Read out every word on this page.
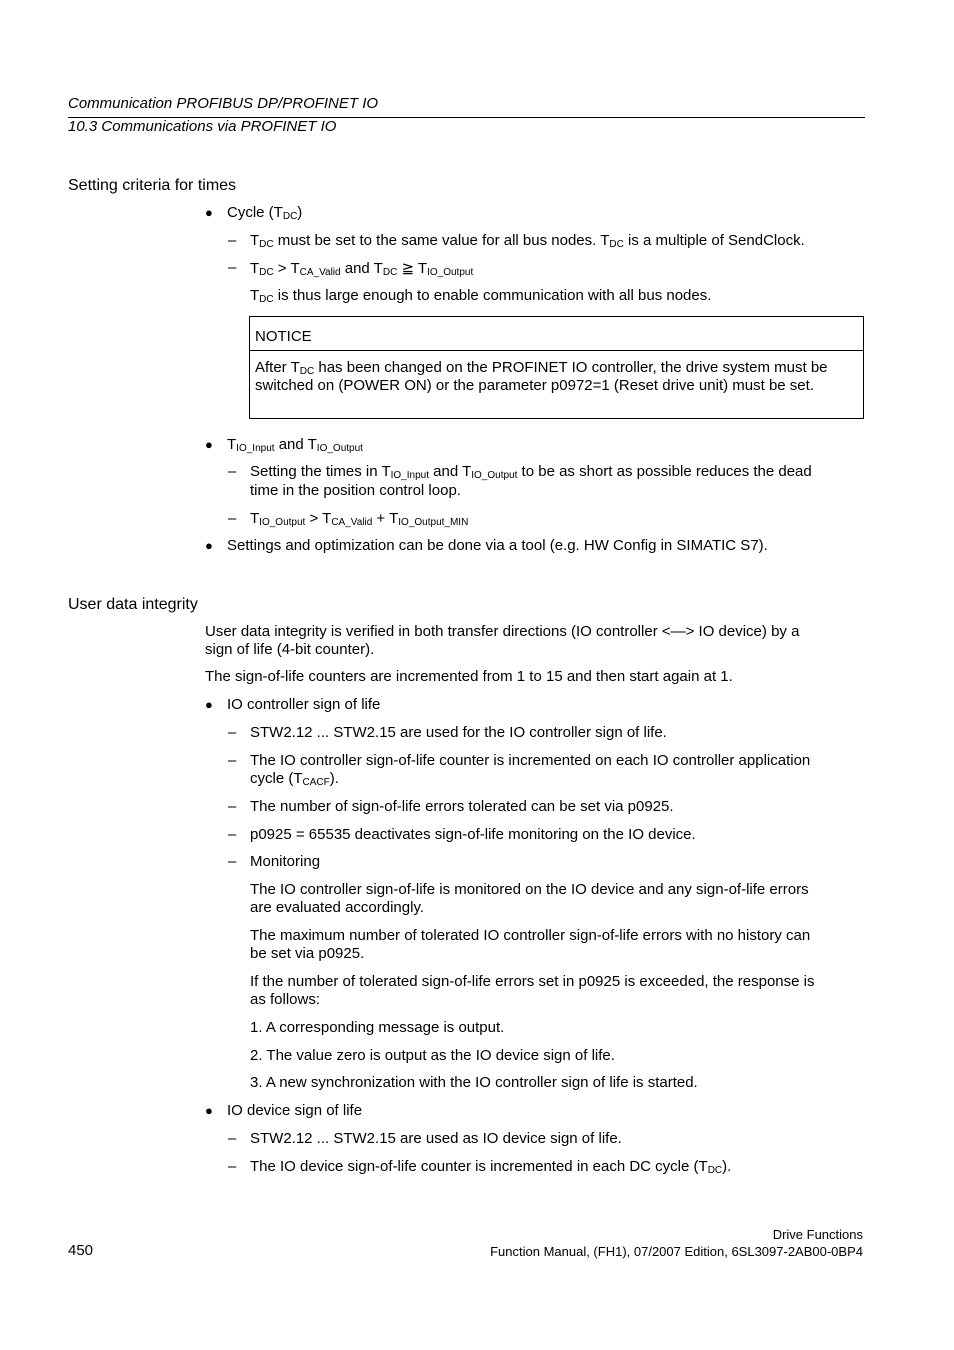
Communication PROFIBUS DP/PROFINET IO
10.3 Communications via PROFINET IO
Setting criteria for times
● Cycle $(T_{DC})$
– $T_{DC}$ must be set to the same value for all bus nodes. $T_{DC}$ is a multiple of SendClock.
– $T_{DC} > T_{CA\_Valid}$ and $T_{DC}$ ≧ $T_{IO\_Output}$
$T_{DC}$ is thus large enough to enable communication with all bus nodes.
NOTICE
After $T_{DC}$ has been changed on the PROFINET IO controller, the drive system must be switched on (POWER ON) or the parameter p0972=1 (Reset drive unit) must be set.
● $T_{IO\_Input}$ and $T_{IO\_Output}$
– Setting the times in $T_{IO\_Input}$ and $T_{IO\_Output}$ to be as short as possible reduces the dead
time in the position control loop.
– $T_{IO\_Output} > T_{CA\_Valid} + T_{IO\_Output\_MIN}$
● Settings and optimization can be done via a tool (e.g. HW Config in SIMATIC S7).
User data integrity
User data integrity is verified in both transfer directions (IO controller <—> IO device) by a
sign of life (4-bit counter).
The sign-of-life counters are incremented from 1 to 15 and then start again at 1.
● IO controller sign of life
– STW2.12 ... STW2.15 are used for the IO controller sign of life.
– The IO controller sign-of-life counter is incremented on each IO controller application
cycle $(T_{CACF})$.
– The number of sign-of-life errors tolerated can be set via p0925.
– p0925 = 65535 deactivates sign-of-life monitoring on the IO device.
– Monitoring
The IO controller sign-of-life is monitored on the IO device and any sign-of-life errors
are evaluated accordingly.
The maximum number of tolerated IO controller sign-of-life errors with no history can
be set via p0925.
If the number of tolerated sign-of-life errors set in p0925 is exceeded, the response is
as follows:
1. A corresponding message is output.
2. The value zero is output as the IO device sign of life.
3. A new synchronization with the IO controller sign of life is started.
● IO device sign of life
– STW2.12 ... STW2.15 are used as IO device sign of life.
– The IO device sign-of-life counter is incremented in each DC cycle $(T_{DC})$.
450
Drive Functions
Function Manual, (FH1), 07/2007 Edition, 6SL3097-2AB00-0BP4
